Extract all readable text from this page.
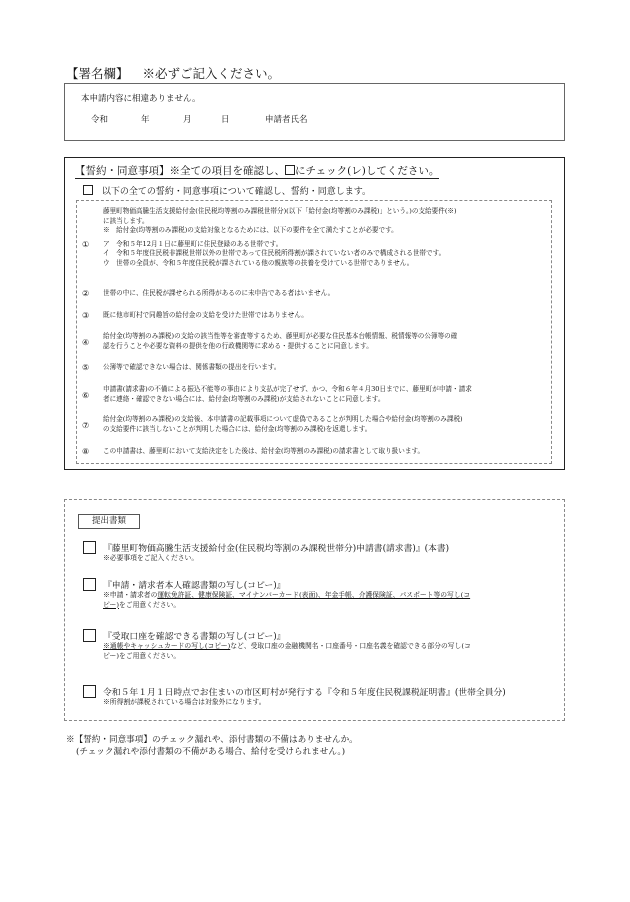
【署名欄】 ※必ずご記入ください。
本申請内容に相違ありません。
令和	年	月	日	申請者氏名
【誓約・同意事項】※全ての項目を確認し、 にチェック(レ)してください。
以下の全ての誓約・同意事項について確認し、誓約・同意します。
①
藤里町物価高騰生活支援給付金(住民税均等割のみ課税世帯分)(以下「給付金(均等割のみ課税)」という。)の支給要件(※)
に該当します。
※　給付金(均等割のみ課税)の支給対象となるためには、以下の要件を全て満たすことが必要です。
ア　令和５年12月１日に藤里町に住民登録のある世帯です。
イ　令和５年度住民税非課税世帯以外の世帯であって住民税所得割が課されていない者のみで構成される世帯です。
ウ　世帯の全員が、令和５年度住民税が課されている他の親族等の扶養を受けている世帯でありません。
② 世帯の中に、住民税が課せられる所得があるのに未申告である者はいません。
③ 既に他市町村で同趣旨の給付金の支給を受けた世帯ではありません。
④
給付金(均等割のみ課税)の支給の該当性等を審査等するため、藤里町が必要な住民基本台帳情報、税情報等の公簿等の確
認を行うことや必要な資料の提供を他の行政機関等に求める・提供することに同意します。
⑤ 公簿等で確認できない場合は、関係書類の提出を行います。
⑥
申請書(請求書)の不備による振込不能等の事由により支払が完了せず、かつ、令和６年４月30日までに、藤里町が申請・請求
者に連絡・確認できない場合には、給付金(均等割のみ課税)が支給されないことに同意します。
⑦
給付金(均等割のみ課税)の支給後、本申請書の記載事項について虚偽であることが判明した場合や給付金(均等割のみ課税)
の支給要件に該当しないことが判明した場合には、給付金(均等割のみ課税)を返還します。
⑧ この申請書は、藤里町において支給決定をした後は、給付金(均等割のみ課税)の請求書として取り扱います。
提出書類
『藤里町物価高騰生活支援給付金(住民税均等割のみ課税世帯分)申請書(請求書)』(本書)
※必要事項をご記入ください。
『申請・請求者本人確認書類の写し(コピー)』
※申請・請求者の運転免許証、健康保険証、マイナンバーカード(表面)、年金手帳、介護保険証、パスポート等の写し(コ
ピー)をご用意ください。
『受取口座を確認できる書類の写し(コピー)』
※通帳やキャッシュカードの写し(コピー)など、受取口座の金融機関名・口座番号・口座名義を確認できる部分の写し(コ
ピー)をご用意ください。
令和５年１月１日時点でお住まいの市区町村が発行する『令和５年度住民税課税証明書』(世帯全員分)
※所得割が課税されている場合は対象外になります。
※【誓約・同意事項】のチェック漏れや、添付書類の不備はありませんか。
(チェック漏れや添付書類の不備がある場合、給付を受けられません。)
